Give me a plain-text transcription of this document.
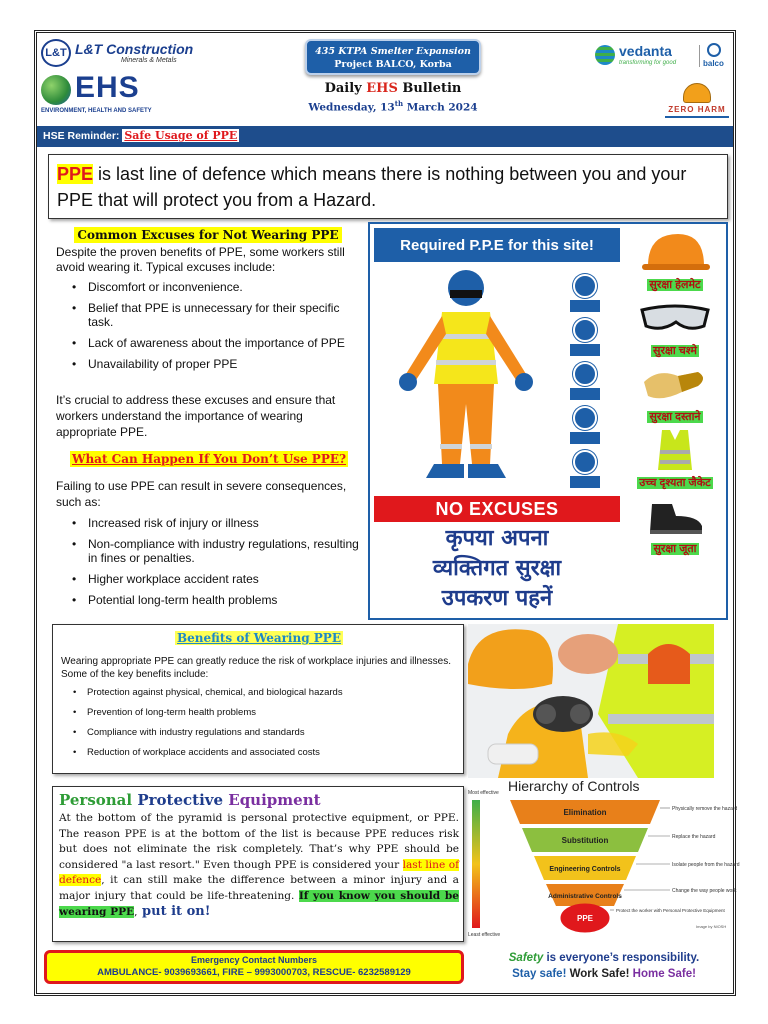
L&T L&T Construction
Minerals & Metals
EHS
ENVIRONMENT, HEALTH AND SAFETY
435 KTPA Smelter Expansion
Project BALCO, Korba
Daily EHS Bulletin
Wednesday, 13th March 2024
vedanta
transforming for good	balco
ZERO HARM
HSE Reminder: Safe Usage of PPE
PPE is last line of defence which means there is nothing between you and your PPE that will protect you from a Hazard.
Common Excuses for Not Wearing PPE
Despite the proven benefits of PPE, some workers still avoid wearing it. Typical excuses include:
• Discomfort or inconvenience.
• Belief that PPE is unnecessary for their specific task.
• Lack of awareness about the importance of PPE
• Unavailability of proper PPE
It’s crucial to address these excuses and ensure that workers understand the importance of wearing appropriate PPE.
What Can Happen If You Don’t Use PPE?
Failing to use PPE can result in severe consequences, such as:
• Increased risk of injury or illness
• Non-compliance with industry regulations, resulting in fines or penalties.
• Higher workplace accident rates
• Potential long-term health problems
Required P.P.E for this site!
NO EXCUSES
कृपया अपना
व्यक्तिगत सुरक्षा
उपकरण पहनें
सुरक्षा हेलमेट
सुरक्षा चश्मे
सुरक्षा दस्ताने
उच्च दृश्यता जैकेट
सुरक्षा जूता
Benefits of Wearing PPE
Wearing appropriate PPE can greatly reduce the risk of workplace injuries and illnesses. Some of the key benefits include:
• Protection against physical, chemical, and biological hazards
• Prevention of long-term health problems
• Compliance with industry regulations and standards
• Reduction of workplace accidents and associated costs
Personal Protective Equipment
At the bottom of the pyramid is personal protective equipment, or PPE. The reason PPE is at the bottom of the list is because PPE reduces risk but does not eliminate the risk completely. That’s why PPE should be considered "a last resort." Even though PPE is considered your last line of defence, it can still make the difference between a minor injury and a major injury that could be life-threatening. If you know you should be wearing PPE, put it on!
Hierarchy of Controls
Most effective
Least effective
Elimination
Substitution
Engineering Controls
Administrative Controls
PPE
Physically remove the hazard
Replace the hazard
Isolate people from the hazard
Change the way people work
Protect the worker with Personal Protective Equipment
Image by NIOSH
Emergency Contact Numbers
AMBULANCE- 9039693661, FIRE – 9993000703, RESCUE- 6232589129
Safety is everyone’s responsibility.
Stay safe! Work Safe! Home Safe!
